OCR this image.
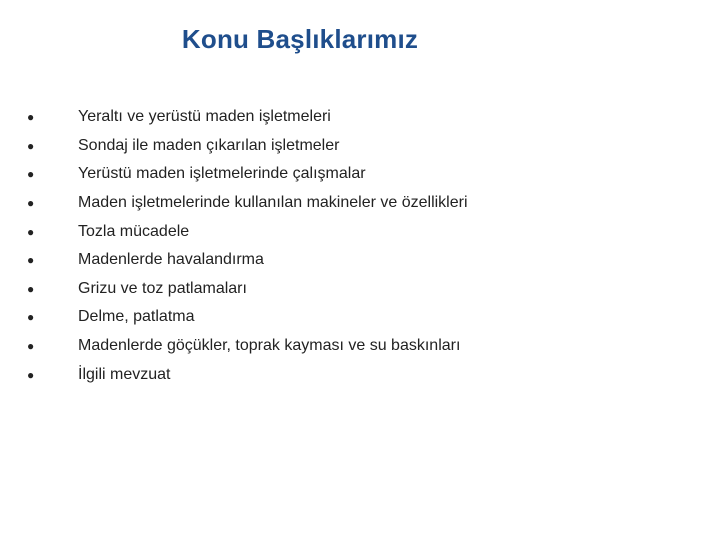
Konu Başlıklarımız
●	Yeraltı ve yerüstü maden işletmeleri
●	Sondaj ile maden çıkarılan işletmeler
●	Yerüstü maden işletmelerinde çalışmalar
●	Maden işletmelerinde kullanılan makineler ve özellikleri
●	Tozla mücadele
●	Madenlerde havalandırma
●	Grizu ve toz patlamaları
●	Delme, patlatma
●	Madenlerde göçükler, toprak kayması ve su baskınları
●	İlgili mevzuat
